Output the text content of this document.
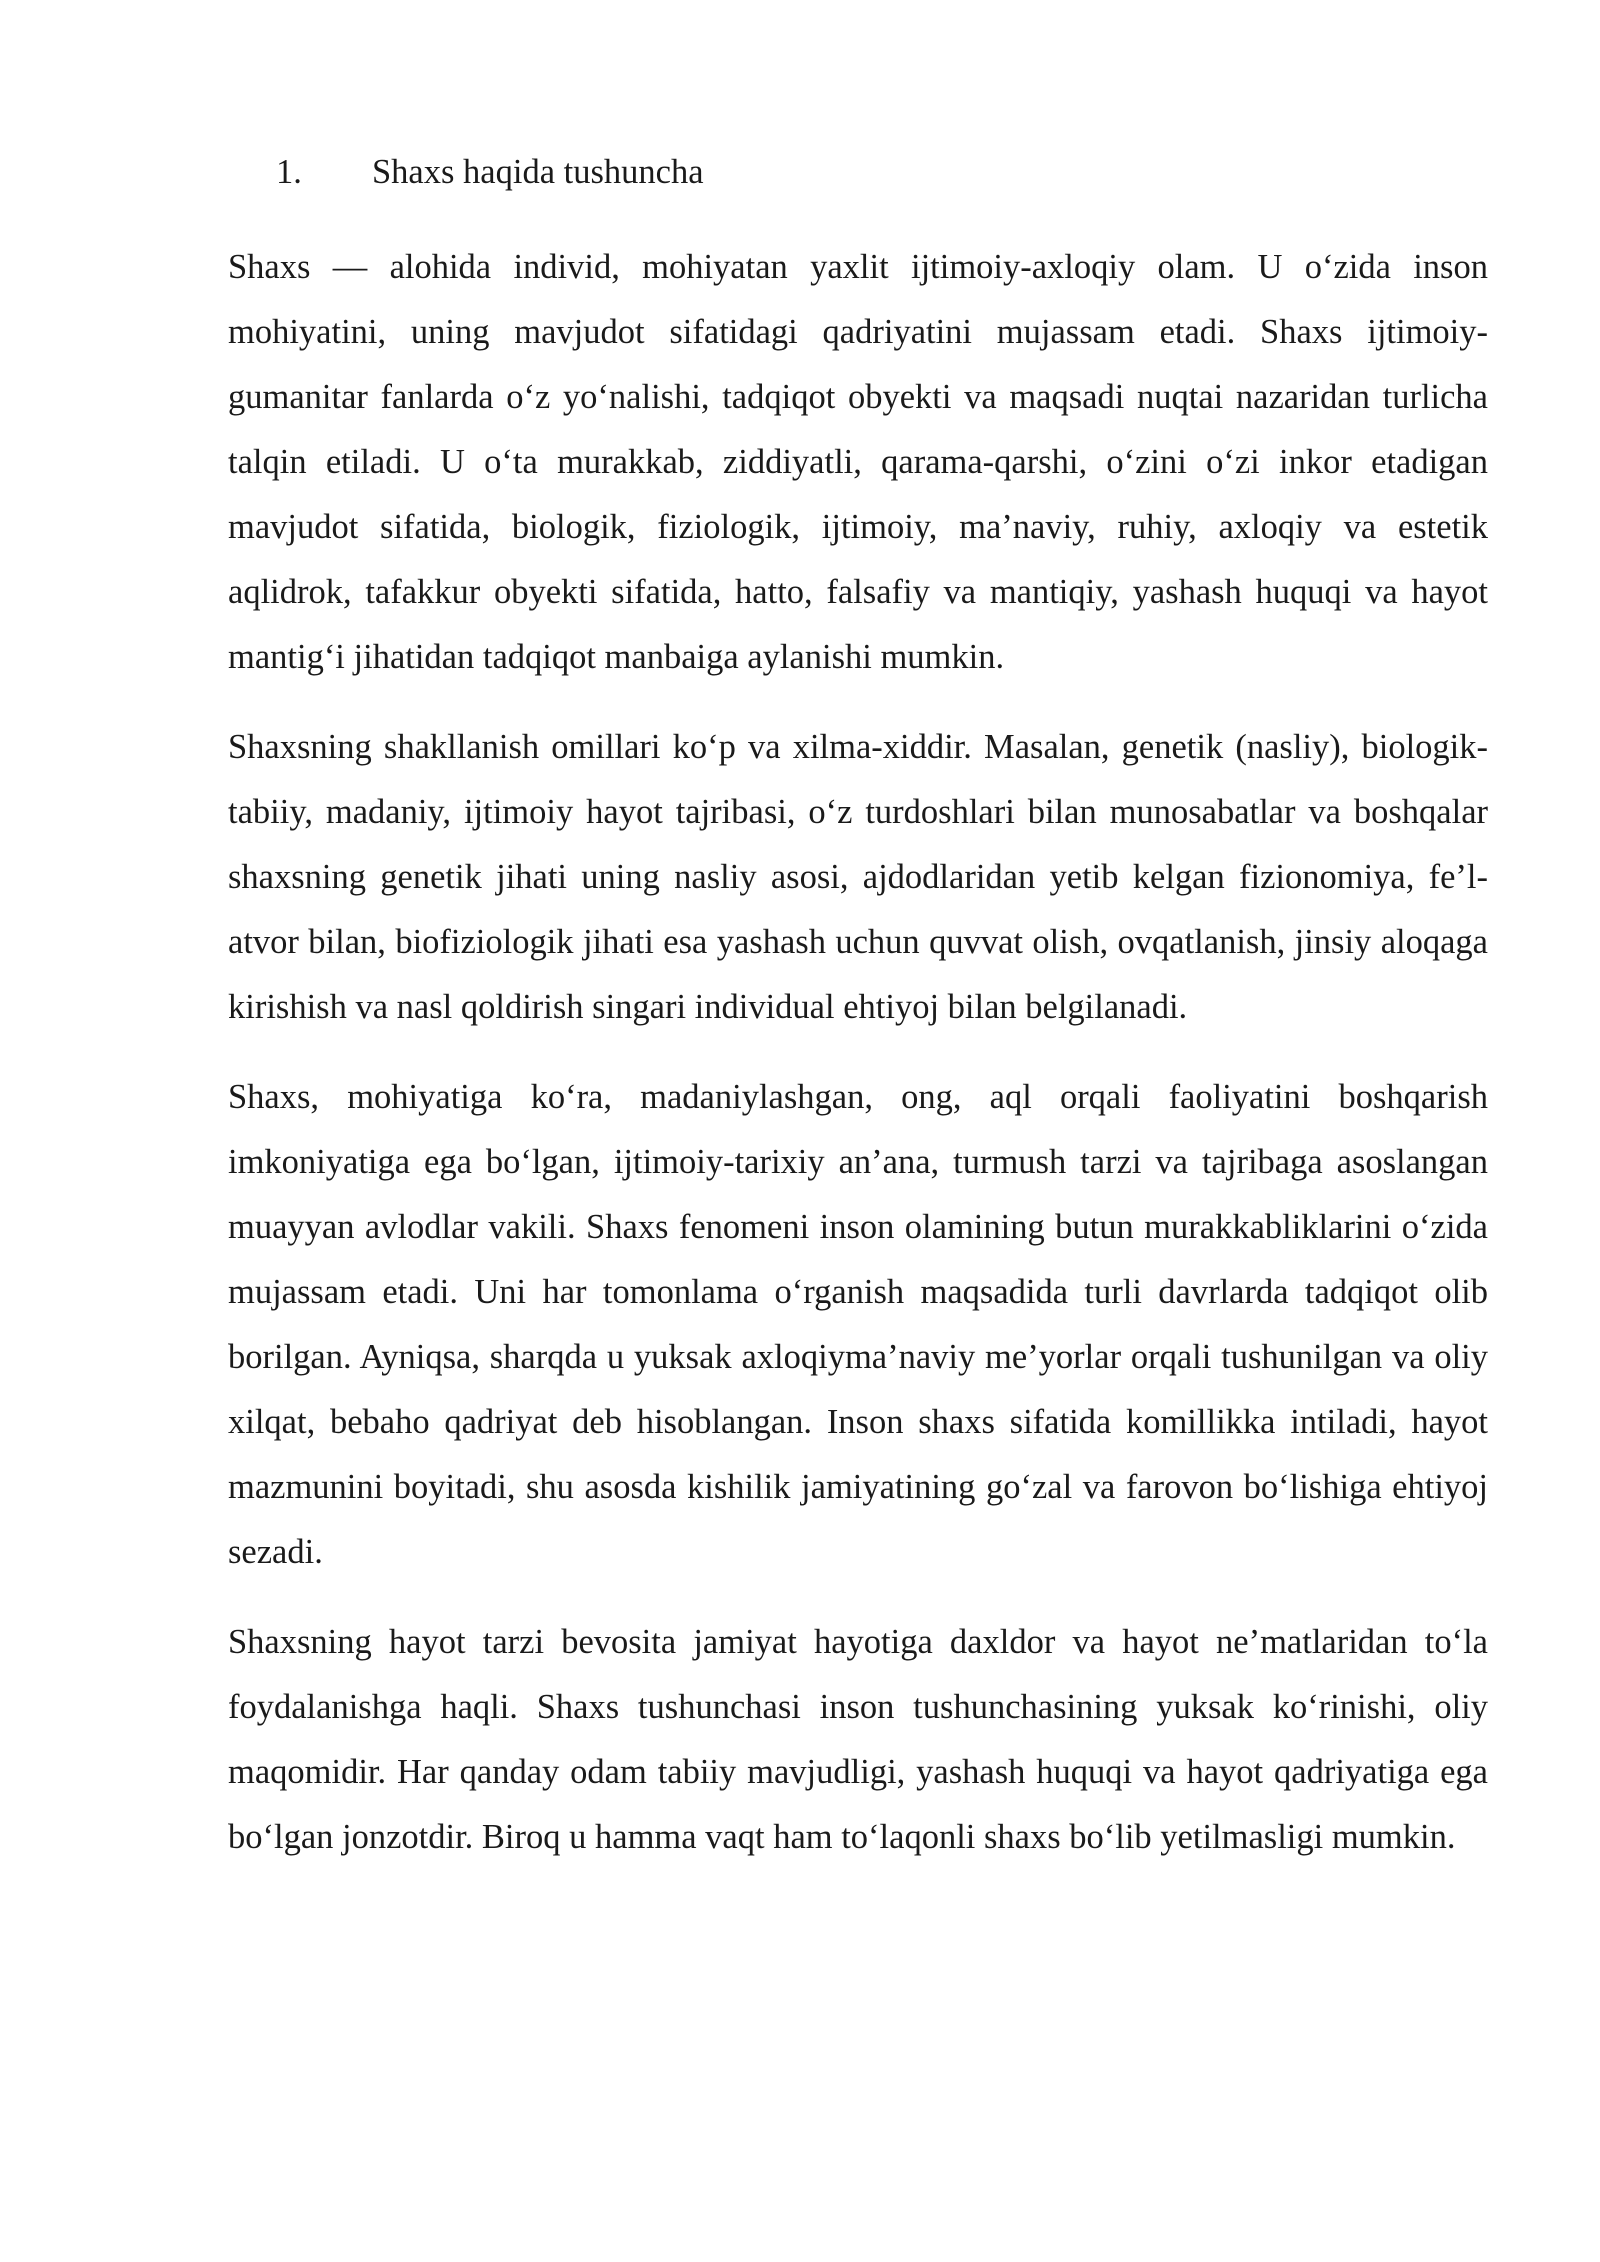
1.	Shaxs haqida tushuncha

Shaxs — alohida individ, mohiyatan yaxlit ijtimoiy-axloqiy olam. U o‘zida inson mohiyatini, uning mavjudot sifatidagi qadriyatini mujassam etadi. Shaxs ijtimoiy-gumanitar fanlarda o‘z yo‘nalishi, tadqiqot obyekti va maqsadi nuqtai nazaridan turlicha talqin etiladi. U o‘ta murakkab, ziddiyatli, qarama-qarshi, o‘zini o‘zi inkor etadigan mavjudot sifatida, biologik, fiziologik, ijtimoiy, ma’naviy, ruhiy, axloqiy va estetik aqlidrok, tafakkur obyekti sifatida, hatto, falsafiy va mantiqiy, yashash huquqi va hayot mantig‘i jihatidan tadqiqot manbaiga aylanishi mumkin.

Shaxsning shakllanish omillari ko‘p va xilma-xiddir. Masalan, genetik (nasliy), biologik-tabiiy, madaniy, ijtimoiy hayot tajribasi, o‘z turdoshlari bilan munosabatlar va boshqalar shaxsning genetik jihati uning nasliy asosi, ajdodlaridan yetib kelgan fizionomiya, fe’l-atvor bilan, biofiziologik jihati esa yashash uchun quvvat olish, ovqatlanish, jinsiy aloqaga kirishish va nasl qoldirish singari individual ehtiyoj bilan belgilanadi.

Shaxs, mohiyatiga ko‘ra, madaniylashgan, ong, aql orqali faoliyatini boshqarish imkoniyatiga ega bo‘lgan, ijtimoiy-tarixiy an’ana, turmush tarzi va tajribaga asoslangan muayyan avlodlar vakili. Shaxs fenomeni inson olamining butun murakkabliklarini o‘zida mujassam etadi. Uni har tomonlama o‘rganish maqsadida turli davrlarda tadqiqot olib borilgan. Ayniqsa, sharqda u yuksak axloqiyma’naviy me’yorlar orqali tushunilgan va oliy xilqat, bebaho qadriyat deb hisoblangan. Inson shaxs sifatida komillikka intiladi, hayot mazmunini boyitadi, shu asosda kishilik jamiyatining go‘zal va farovon bo‘lishiga ehtiyoj sezadi.

Shaxsning hayot tarzi bevosita jamiyat hayotiga daxldor va hayot ne’matlaridan to‘la foydalanishga haqli. Shaxs tushunchasi inson tushunchasining yuksak ko‘rinishi, oliy maqomidir. Har qanday odam tabiiy mavjudligi, yashash huquqi va hayot qadriyatiga ega bo‘lgan jonzotdir. Biroq u hamma vaqt ham to‘laqonli shaxs bo‘lib yetilmasligi mumkin.
